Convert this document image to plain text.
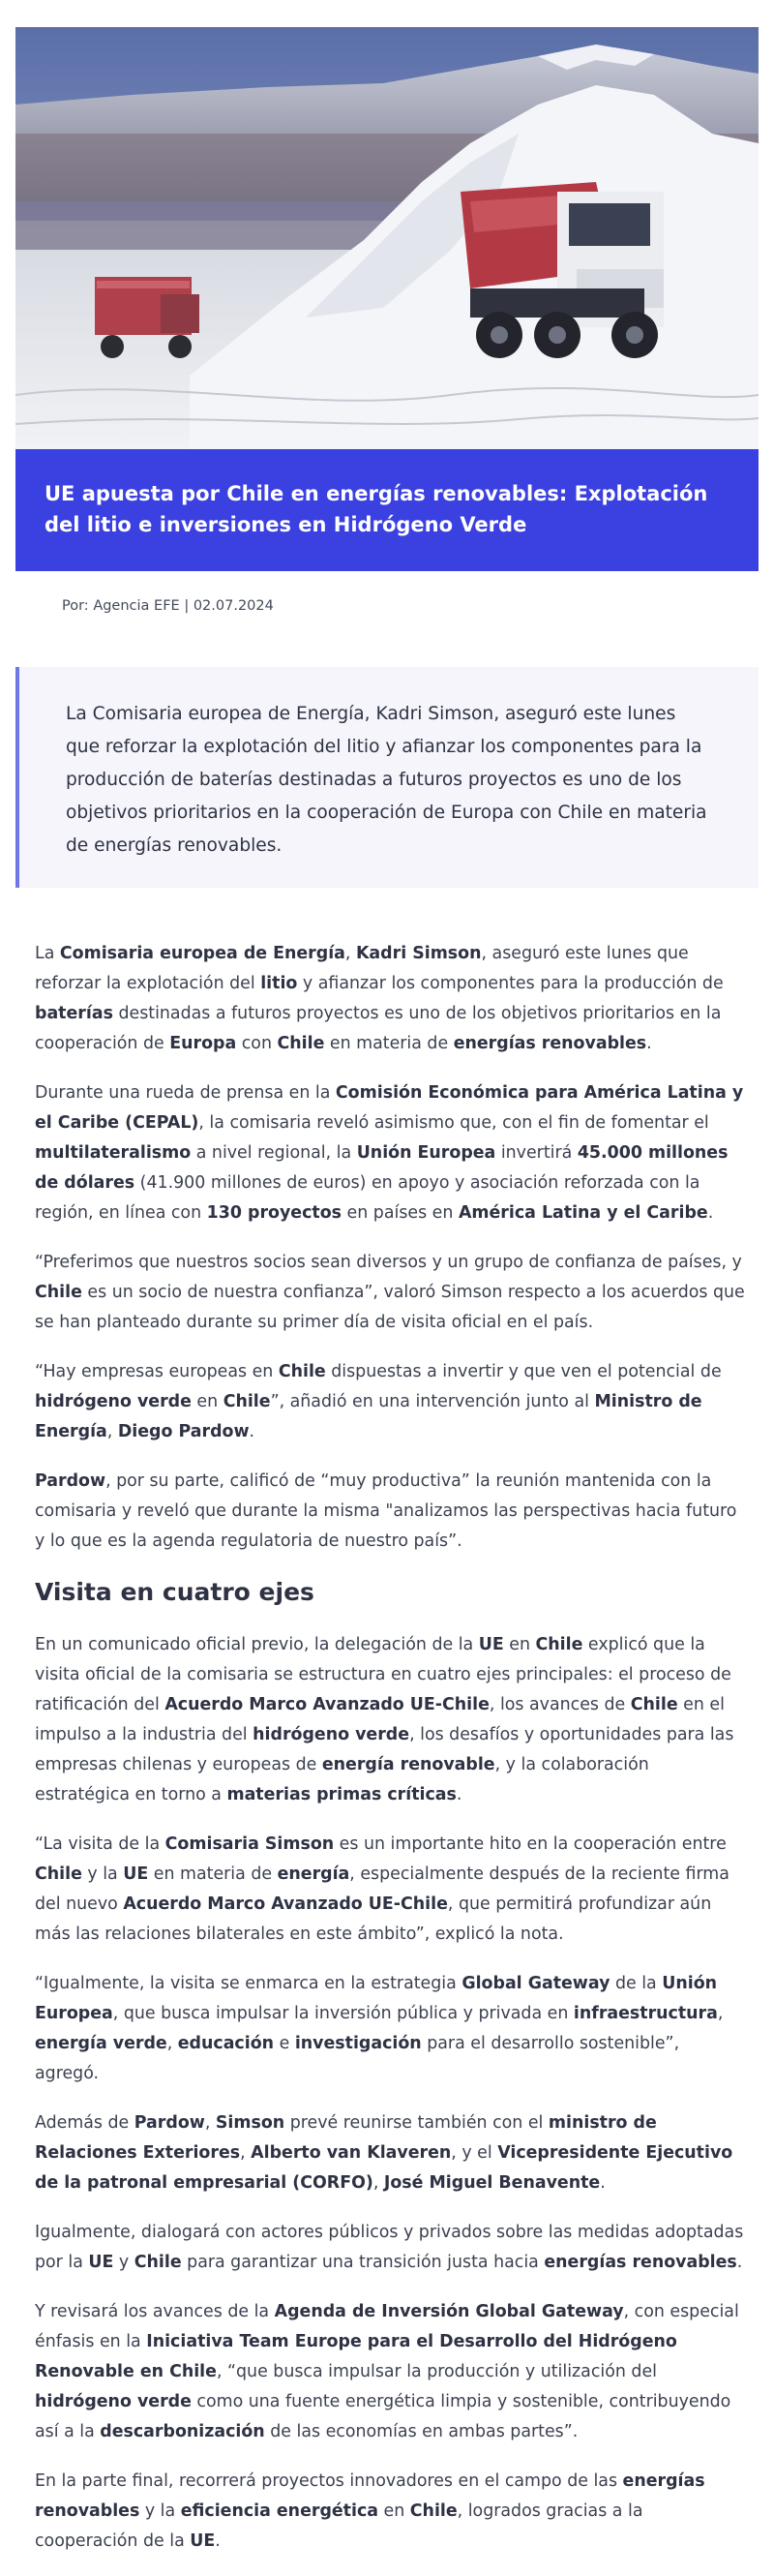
UE apuesta por Chile en energías renovables: Explotación del litio e inversiones en Hidrógeno Verde
Por: Agencia EFE | 02.07.2024

La Comisaria europea de Energía, Kadri Simson, aseguró este lunes que reforzar la explotación del litio y afianzar los componentes para la producción de baterías destinadas a futuros proyectos es uno de los objetivos prioritarios en la cooperación de Europa con Chile en materia de energías renovables.

La Comisaria europea de Energía, Kadri Simson, aseguró este lunes que reforzar la explotación del litio y afianzar los componentes para la producción de baterías destinadas a futuros proyectos es uno de los objetivos prioritarios en la cooperación de Europa con Chile en materia de energías renovables.

Durante una rueda de prensa en la Comisión Económica para América Latina y el Caribe (CEPAL), la comisaria reveló asimismo que, con el fin de fomentar el multilateralismo a nivel regional, la Unión Europea invertirá 45.000 millones de dólares (41.900 millones de euros) en apoyo y asociación reforzada con la región, en línea con 130 proyectos en países en América Latina y el Caribe.

“Preferimos que nuestros socios sean diversos y un grupo de confianza de países, y Chile es un socio de nuestra confianza”, valoró Simson respecto a los acuerdos que se han planteado durante su primer día de visita oficial en el país.

“Hay empresas europeas en Chile dispuestas a invertir y que ven el potencial de hidrógeno verde en Chile”, añadió en una intervención junto al Ministro de Energía, Diego Pardow.

Pardow, por su parte, calificó de “muy productiva” la reunión mantenida con la comisaria y reveló que durante la misma "analizamos las perspectivas hacia futuro y lo que es la agenda regulatoria de nuestro país”.

Visita en cuatro ejes

En un comunicado oficial previo, la delegación de la UE en Chile explicó que la visita oficial de la comisaria se estructura en cuatro ejes principales: el proceso de ratificación del Acuerdo Marco Avanzado UE-Chile, los avances de Chile en el impulso a la industria del hidrógeno verde, los desafíos y oportunidades para las empresas chilenas y europeas de energía renovable, y la colaboración estratégica en torno a materias primas críticas.

“La visita de la Comisaria Simson es un importante hito en la cooperación entre Chile y la UE en materia de energía, especialmente después de la reciente firma del nuevo Acuerdo Marco Avanzado UE-Chile, que permitirá profundizar aún más las relaciones bilaterales en este ámbito”, explicó la nota.

“Igualmente, la visita se enmarca en la estrategia Global Gateway de la Unión Europea, que busca impulsar la inversión pública y privada en infraestructura, energía verde, educación e investigación para el desarrollo sostenible”, agregó.

Además de Pardow, Simson prevé reunirse también con el ministro de Relaciones Exteriores, Alberto van Klaveren, y el Vicepresidente Ejecutivo de la patronal empresarial (CORFO), José Miguel Benavente.

Igualmente, dialogará con actores públicos y privados sobre las medidas adoptadas por la UE y Chile para garantizar una transición justa hacia energías renovables.

Y revisará los avances de la Agenda de Inversión Global Gateway, con especial énfasis en la Iniciativa Team Europe para el Desarrollo del Hidrógeno Renovable en Chile, “que busca impulsar la producción y utilización del hidrógeno verde como una fuente energética limpia y sostenible, contribuyendo así a la descarbonización de las economías en ambas partes”.

En la parte final, recorrerá proyectos innovadores en el campo de las energías renovables y la eficiencia energética en Chile, logrados gracias a la cooperación de la UE.
